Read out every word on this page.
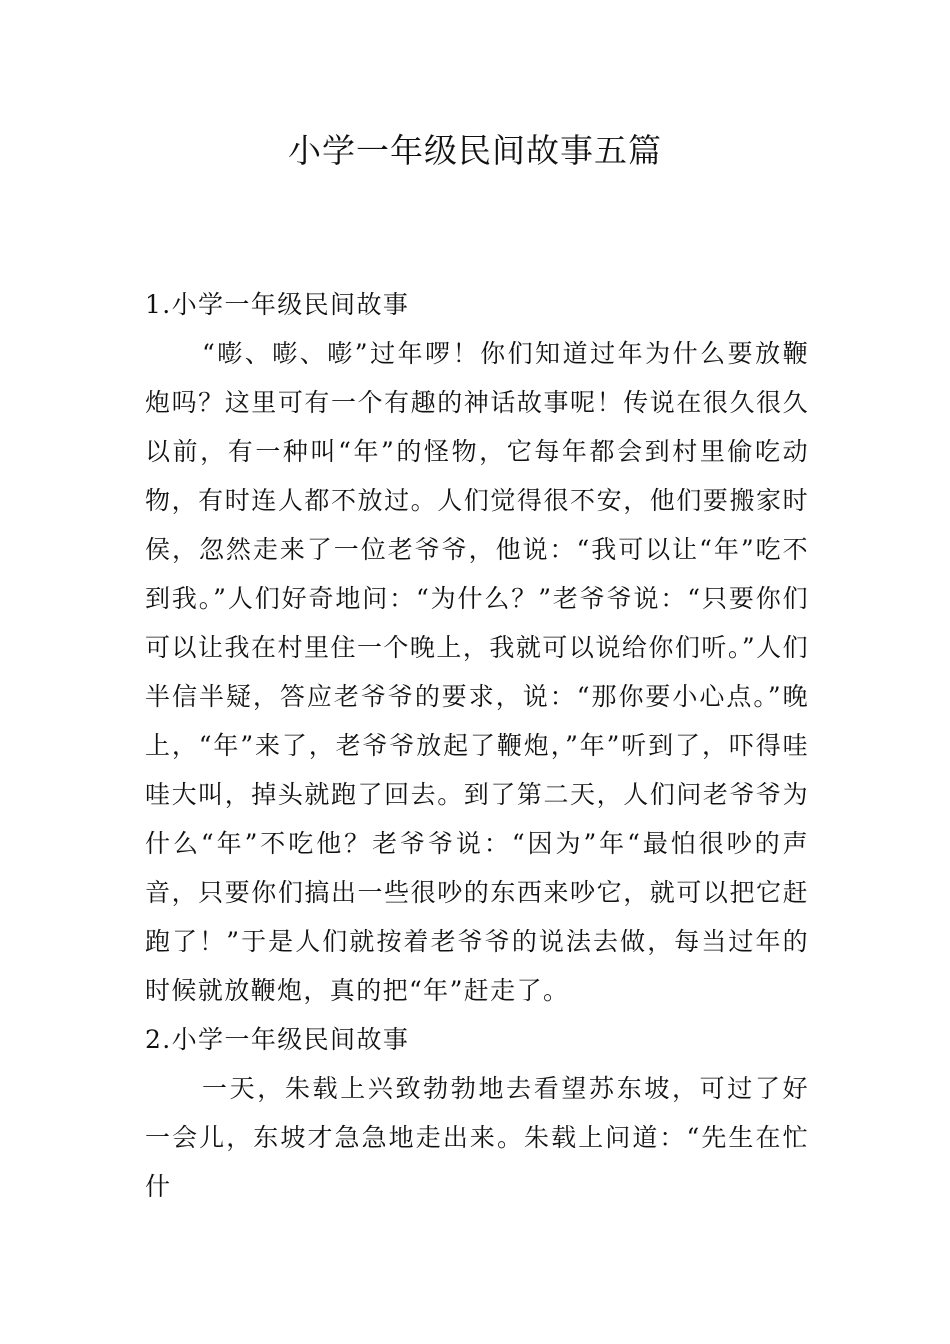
小学一年级民间故事五篇
1.小学一年级民间故事

“嘭、嘭、嘭”过年啰！你们知道过年为什么要放鞭炮吗？这里可有一个有趣的神话故事呢！传说在很久很久以前，有一种叫“年”的怪物，它每年都会到村里偷吃动物，有时连人都不放过。人们觉得很不安，他们要搬家时侯，忽然走来了一位老爷爷，他说：“我可以让“年”吃不到我。”人们好奇地问：“为什么？”老爷爷说：“只要你们可以让我在村里住一个晚上，我就可以说给你们听。”人们半信半疑，答应老爷爷的要求，说：“那你要小心点。”晚上，“年”来了，老爷爷放起了鞭炮，”年”听到了，吓得哇哇大叫，掉头就跑了回去。到了第二天，人们问老爷爷为什么“年”不吃他？老爷爷说：“因为”年“最怕很吵的声音，只要你们搞出一些很吵的东西来吵它，就可以把它赶跑了！”于是人们就按着老爷爷的说法去做，每当过年的时候就放鞭炮，真的把“年”赶走了。

2.小学一年级民间故事

一天，朱载上兴致勃勃地去看望苏东坡，可过了好一会儿，东坡才急急地走出来。朱载上问道：“先生在忙什
